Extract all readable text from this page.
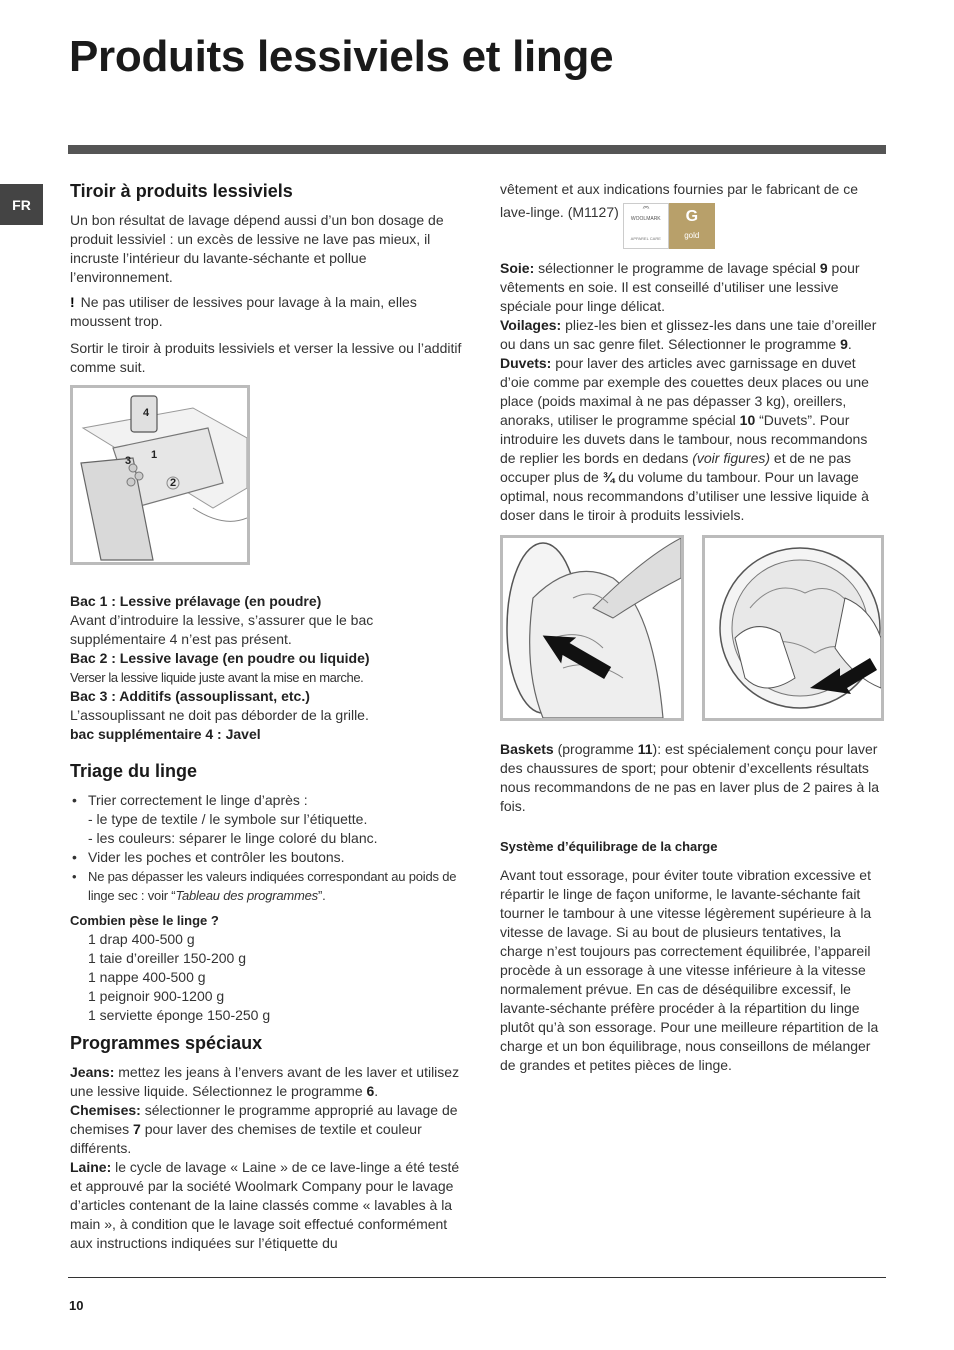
Produits lessiviels et linge
FR
Tiroir à produits lessiviels

Un bon résultat de lavage dépend aussi d’un bon dosage de produit lessiviel : un excès de lessive ne lave pas mieux, il incruste l’intérieur du lavante-séchante et pollue l’environnement.

! Ne pas utiliser de lessives pour lavage à la main, elles moussent trop.

Sortir le tiroir à produits lessiviels et verser la lessive ou l’additif comme suit.

4
3 1
2

Bac 1 : Lessive prélavage (en poudre)

Avant d’introduire la lessive, s’assurer que le bac supplémentaire 4 n’est pas présent.

Bac 2 : Lessive lavage (en poudre ou liquide)

Verser la lessive liquide juste avant la mise en marche.

Bac 3 : Additifs (assouplissant, etc.)

L’assouplissant ne doit pas déborder de la grille.

bac supplémentaire 4 : Javel

Triage du linge
• Trier correctement le linge d’après :
- le type de textile / le symbole sur l’étiquette.
- les couleurs: séparer le linge coloré du blanc.
• Vider les poches et contrôler les boutons.
• Ne pas dépasser les valeurs indiquées correspondant au poids de linge sec : voir “Tableau des programmes”.

Combien pèse le linge ?

1 drap 400-500 g
1 taie d’oreiller 150-200 g
1 nappe 400-500 g
1 peignoir 900-1200 g
1 serviette éponge 150-250 g
Programmes spéciaux

Jeans: mettez les jeans à l’envers avant de les laver et utilisez une lessive liquide. Sélectionnez le programme 6.

Chemises: sélectionner le programme approprié au lavage de chemises 7 pour laver des chemises de textile et couleur différents.

Laine: le cycle de lavage « Laine » de ce lave-linge a été testé et approuvé par la société Woolmark Company pour le lavage d’articles contenant de la laine classés comme « lavables à la main », à condition que le lavage soit effectué conformément aux instructions indiquées sur l’étiquette du

vêtement et aux indications fournies par le fabricant de ce

lave-linge. (M1127) WOOLMARK
APPAREL CARE
G
gold

Soie: sélectionner le programme de lavage spécial 9 pour vêtements en soie. Il est conseillé d’utiliser une lessive spéciale pour linge délicat.

Voilages: pliez-les bien et glissez-les dans une taie d’oreiller ou dans un sac genre filet. Sélectionner le programme 9.

Duvets: pour laver des articles avec garnissage en duvet d’oie comme par exemple des couettes deux places ou une place (poids maximal à ne pas dépasser 3 kg), oreillers, anoraks, utiliser le programme spécial 10 “Duvets”. Pour introduire les duvets dans le tambour, nous recommandons de replier les bords en dedans (voir figures) et de ne pas occuper plus de ¾ du volume du tambour. Pour un lavage optimal, nous recommandons d’utiliser une lessive liquide à doser dans le tiroir à produits lessiviels.

Baskets (programme 11): est spécialement conçu pour laver des chaussures de sport; pour obtenir d’excellents résultats nous recommandons de ne pas en laver plus de 2 paires à la fois.

Système d’équilibrage de la charge

Avant tout essorage, pour éviter toute vibration excessive et répartir le linge de façon uniforme, le lavante-séchante fait tourner le tambour à une vitesse légèrement supérieure à la vitesse de lavage. Si au bout de plusieurs tentatives, la charge n’est toujours pas correctement équilibrée, l’appareil procède à un essorage à une vitesse inférieure à la vitesse normalement prévue. En cas de déséquilibre excessif, le lavante-séchante préfère procéder à la répartition du linge plutôt qu’à son essorage. Pour une meilleure répartition de la charge et un bon équilibrage, nous conseillons de mélanger de grandes et petites pièces de linge.

10
